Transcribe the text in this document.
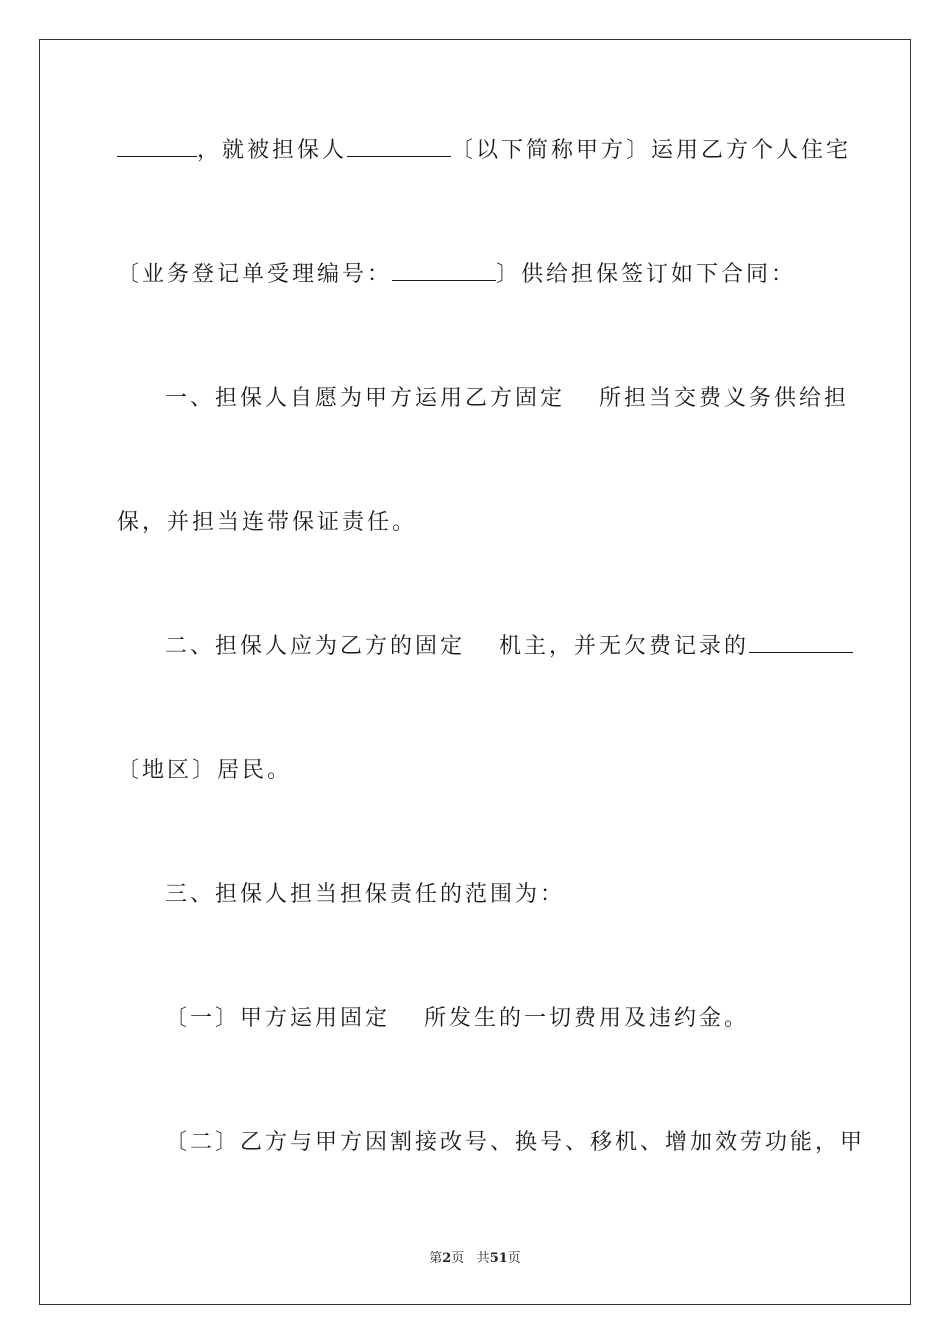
，就被担保人	〔以下简称甲方〕运用乙方个人住宅
〔业务登记单受理编号：	〕供给担保签订如下合同：
一、担保人自愿为甲方运用乙方固定 所担当交费义务供给担
保，并担当连带保证责任。
二、担保人应为乙方的固定 机主，并无欠费记录的
〔地区〕居民。
三、担保人担当担保责任的范围为：
〔一〕甲方运用固定 所发生的一切费用及违约金。
〔二〕乙方与甲方因割接改号、换号、移机、增加效劳功能，甲
第2页 共51页
